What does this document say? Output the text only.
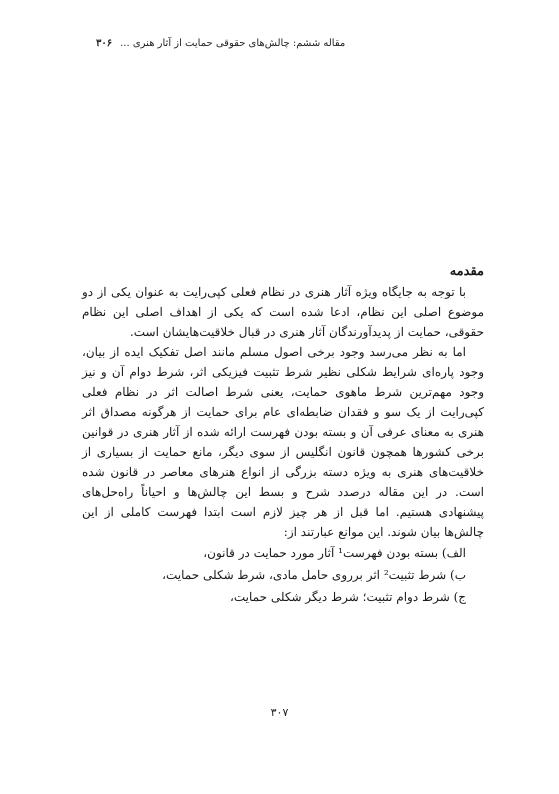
۳۰۶ مقاله ششم: چالش‌های حقوقی حمایت از آثار هنری ...
مقدمه

با توجه به جایگاه ویژه آثار هنری در نظام فعلی کپی‌رایت به عنوان یکی از دو موضوع اصلی این نظام، ادعا شده است که یکی از اهداف اصلی این نظام حقوقی، حمایت از پدیدآورندگان آثار هنری در قبال خلاقیت‌هایشان است.

اما به نظر می‌رسد وجود برخی اصول مسلم مانند اصل تفکیک ایده از بیان، وجود پاره‌ای شرایط شکلی نظیر شرط تثبیت فیزیکی اثر، شرط دوام آن و نیز وجود مهم‌ترین شرط ماهوی حمایت، یعنی شرط اصالت اثر در نظام فعلی کپی‌رایت از یک سو و فقدان ضابطه‌ای عام برای حمایت از هرگونه مصداق اثر هنری به معنای عرفی آن و بسته بودن فهرست ارائه شده از آثار هنری در قوانین برخی کشورها همچون قانون انگلیس از سوی دیگر، مانع حمایت از بسیاری از خلاقیت‌های هنری به ویژه دسته بزرگی از انواع هنرهای معاصر در قانون شده است. در این مقاله درصدد شرح و بسط این چالش‌ها و احیاناً راه‌حل‌های پیشنهادی هستیم. اما قبل از هر چیز لازم است ابتدا فهرست کاملی از این چالش‌ها بیان شوند. این موانع عبارتند از:

الف) بسته بودن فهرست¹ آثار مورد حمایت در قانون،
ب) شرط تثبیت² اثر برروی حامل مادی، شرط شکلی حمایت،
ج) شرط دوام تثبیت؛ شرط دیگر شکلی حمایت،
۳۰۷
